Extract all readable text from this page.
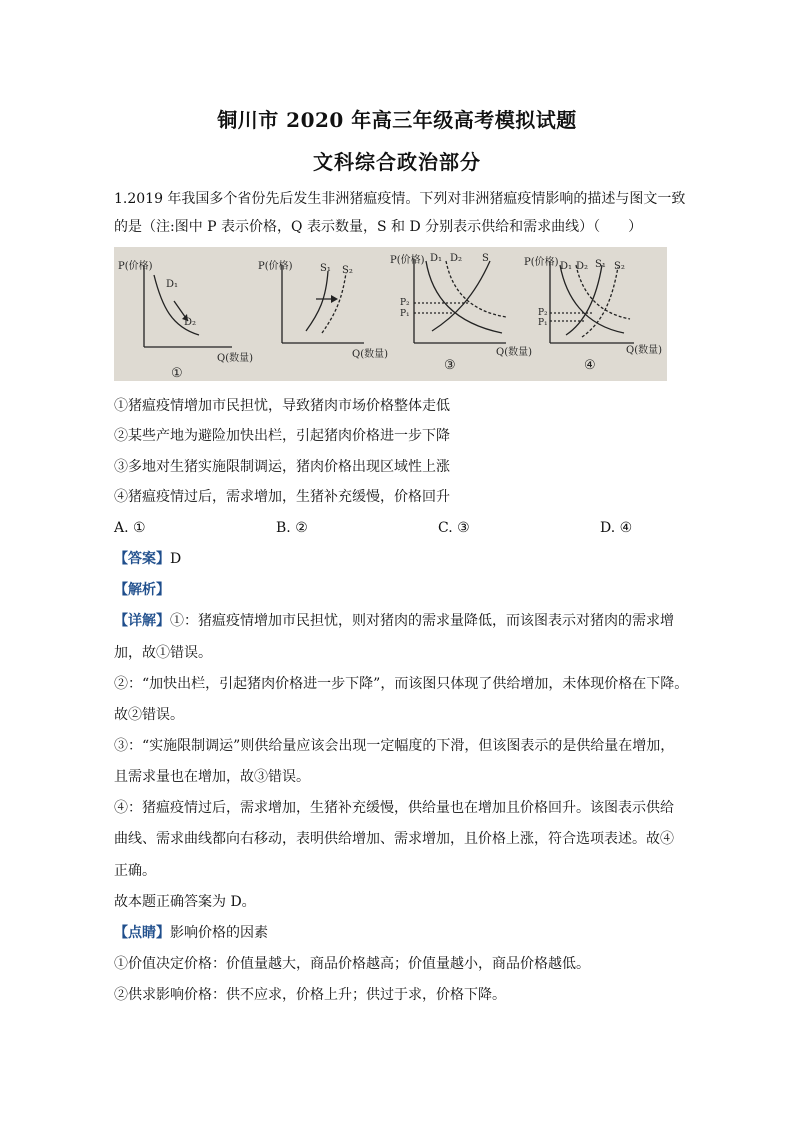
铜川市 2020 年高三年级高考模拟试题
文科综合政治部分
1.2019 年我国多个省份先后发生非洲猪瘟疫情。下列对非洲猪瘟疫情影响的描述与图文一致
的是（注:图中 P 表示价格，Q 表示数量，S 和 D 分别表示供给和需求曲线）（　　）
P(价格)
D₁
D₂
Q(数量)
①
P(价格)	S₁ S₂
Q(数量)
P(价格) D₁ D₂ S
P₂
P₁
Q(数量)
③
P(价格) D₁ D₂ S₁ S₂
P₂
P₁
Q(数量)
④
①猪瘟疫情增加市民担忧，导致猪肉市场价格整体走低
②某些产地为避险加快出栏，引起猪肉价格进一步下降
③多地对生猪实施限制调运，猪肉价格出现区域性上涨
④猪瘟疫情过后，需求增加，生猪补充缓慢，价格回升
A. ①	B. ②	C. ③	D. ④
【答案】D
【解析】
【详解】①：猪瘟疫情增加市民担忧，则对猪肉的需求量降低，而该图表示对猪肉的需求增
加，故①错误。
②：“加快出栏，引起猪肉价格进一步下降”，而该图只体现了供给增加，未体现价格在下降。
故②错误。
③：“实施限制调运”则供给量应该会出现一定幅度的下滑，但该图表示的是供给量在增加，
且需求量也在增加，故③错误。
④：猪瘟疫情过后，需求增加，生猪补充缓慢，供给量也在增加且价格回升。该图表示供给
曲线、需求曲线都向右移动，表明供给增加、需求增加，且价格上涨，符合选项表述。故④
正确。
故本题正确答案为 D。
【点睛】影响价格的因素
①价值决定价格：价值量越大，商品价格越高；价值量越小，商品价格越低。
②供求影响价格：供不应求，价格上升；供过于求，价格下降。
